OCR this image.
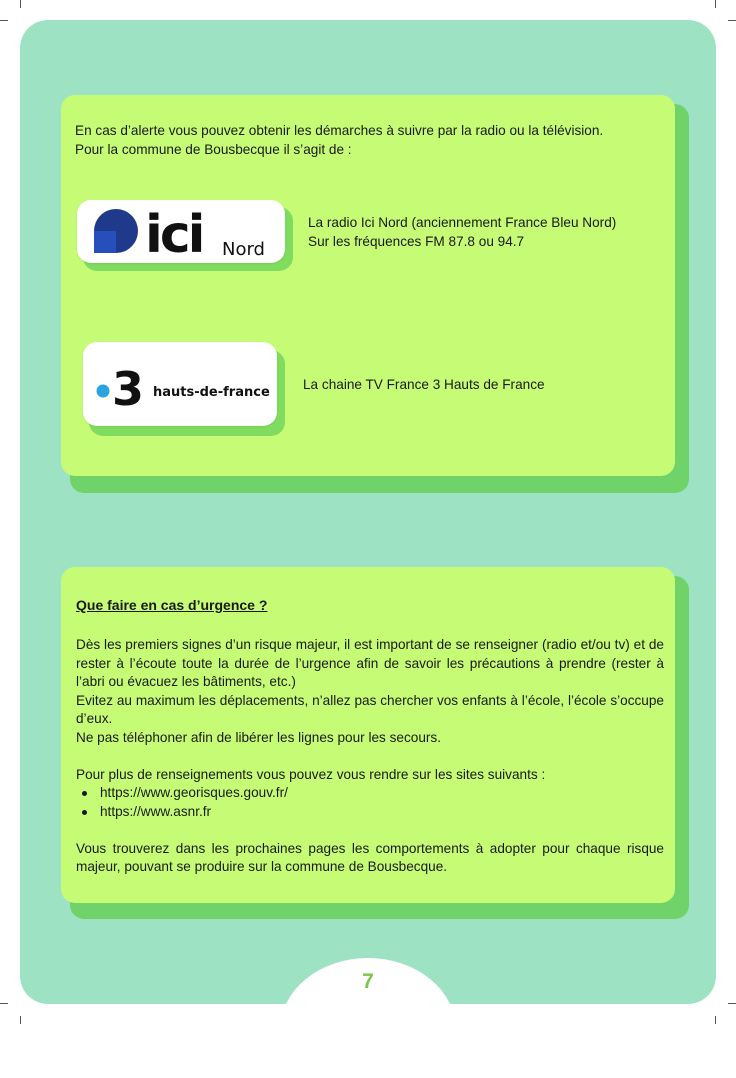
En cas d’alerte vous pouvez obtenir les démarches à suivre par la radio ou la télévision.

Pour la commune de Bousbecque il s’agit de :

ici Nord

La radio Ici Nord (anciennement France Bleu Nord)

Sur les fréquences FM 87.8 ou 94.7

3 hauts-de-france

La chaine TV France 3 Hauts de France

Que faire en cas d’urgence ?

Dès les premiers signes d’un risque majeur, il est important de se renseigner (radio et/ou tv) et de rester à l’écoute toute la durée de l’urgence afin de savoir les précautions à prendre (rester à l’abri ou évacuez les bâtiments, etc.)

Evitez au maximum les déplacements, n’allez pas chercher vos enfants à l’école, l’école s’occupe d’eux.

Ne pas téléphoner afin de libérer les lignes pour les secours.

Pour plus de renseignements vous pouvez vous rendre sur les sites suivants :

https://www.georisques.gouv.fr/
https://www.asnr.fr

Vous trouverez dans les prochaines pages les comportements à adopter pour chaque risque majeur, pouvant se produire sur la commune de Bousbecque.

7
